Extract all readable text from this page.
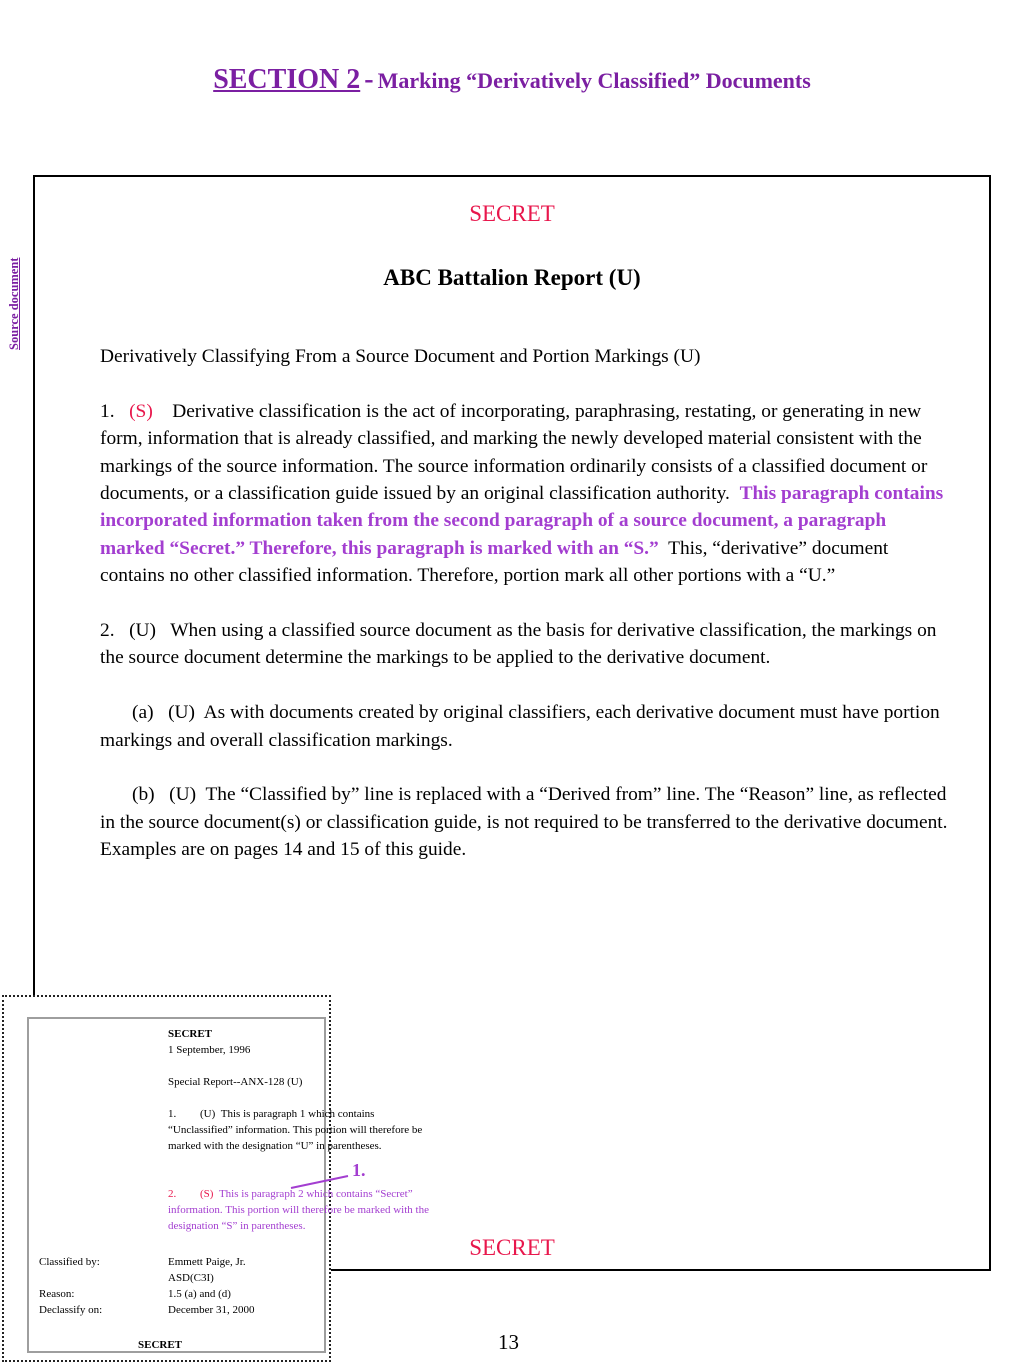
SECTION 2 - Marking “Derivatively Classified” Documents
SECRET
ABC Battalion Report (U)

Derivatively Classifying From a Source Document and Portion Markings (U)

1. (S) Derivative classification is the act of incorporating, paraphrasing, restating, or generating in new form, information that is already classified, and marking the newly developed material consistent with the markings of the source information. The source information ordinarily consists of a classified document or documents, or a classification guide issued by an original classification authority. This paragraph contains incorporated information taken from the second paragraph of a source document, a paragraph marked “Secret.” Therefore, this paragraph is marked with an “S.” This, “derivative” document contains no other classified information. Therefore, portion mark all other portions with a “U.”

2. (U) When using a classified source document as the basis for derivative classification, the markings on the source document determine the markings to be applied to the derivative document.

(a) (U) As with documents created by original classifiers, each derivative document must have portion markings and overall classification markings.

(b) (U) The “Classified by” line is replaced with a “Derived from” line. The “Reason” line, as reflected in the source document(s) or classification guide, is not required to be transferred to the derivative document. Examples are on pages 14 and 15 of this guide.

SECRET
Source document
SECRET
1 September, 1996
Special Report--ANX-128 (U)
1. (U) This is paragraph 1 which contains “Unclassified” information. This portion will therefore be marked with the designation “U” in parentheses.
2. (S) This is paragraph 2 which contains “Secret” information. This portion will therefore be marked with the designation “S” in parentheses.
Classified by:	Emmett Paige, Jr.
ASD(C3I)
Reason:	1.5 (a) and (d)
Declassify on:	December 31, 2000
SECRET
1.
13
